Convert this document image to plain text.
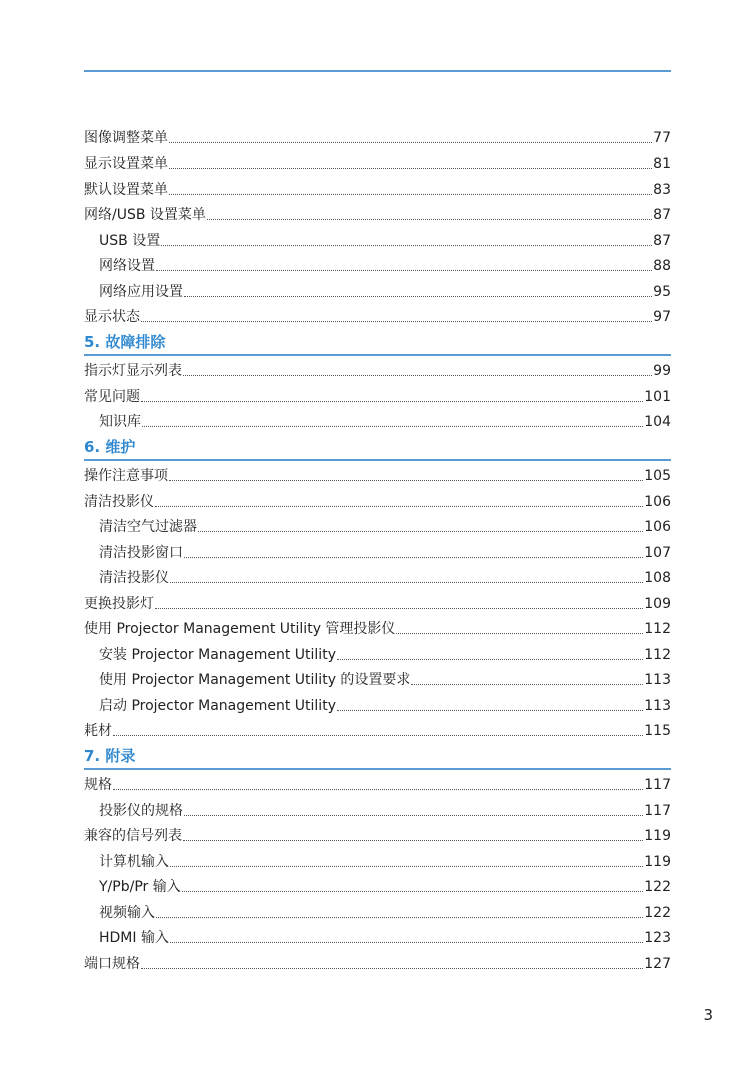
图像调整菜单	77
显示设置菜单	81
默认设置菜单	83
网络/USB 设置菜单	87
USB 设置	87
网络设置	88
网络应用设置	95
显示状态	97
5. 故障排除
指示灯显示列表	99
常见问题	101
知识库	104
6. 维护
操作注意事项	105
清洁投影仪	106
清洁空气过滤器	106
清洁投影窗口	107
清洁投影仪	108
更换投影灯	109
使用 Projector Management Utility 管理投影仪	112
安装 Projector Management Utility	112
使用 Projector Management Utility 的设置要求	113
启动 Projector Management Utility	113
耗材	115
7. 附录
规格	117
投影仪的规格	117
兼容的信号列表	119
计算机输入	119
Y/Pb/Pr 输入	122
视频输入	122
HDMI 输入	123
端口规格	127
3
